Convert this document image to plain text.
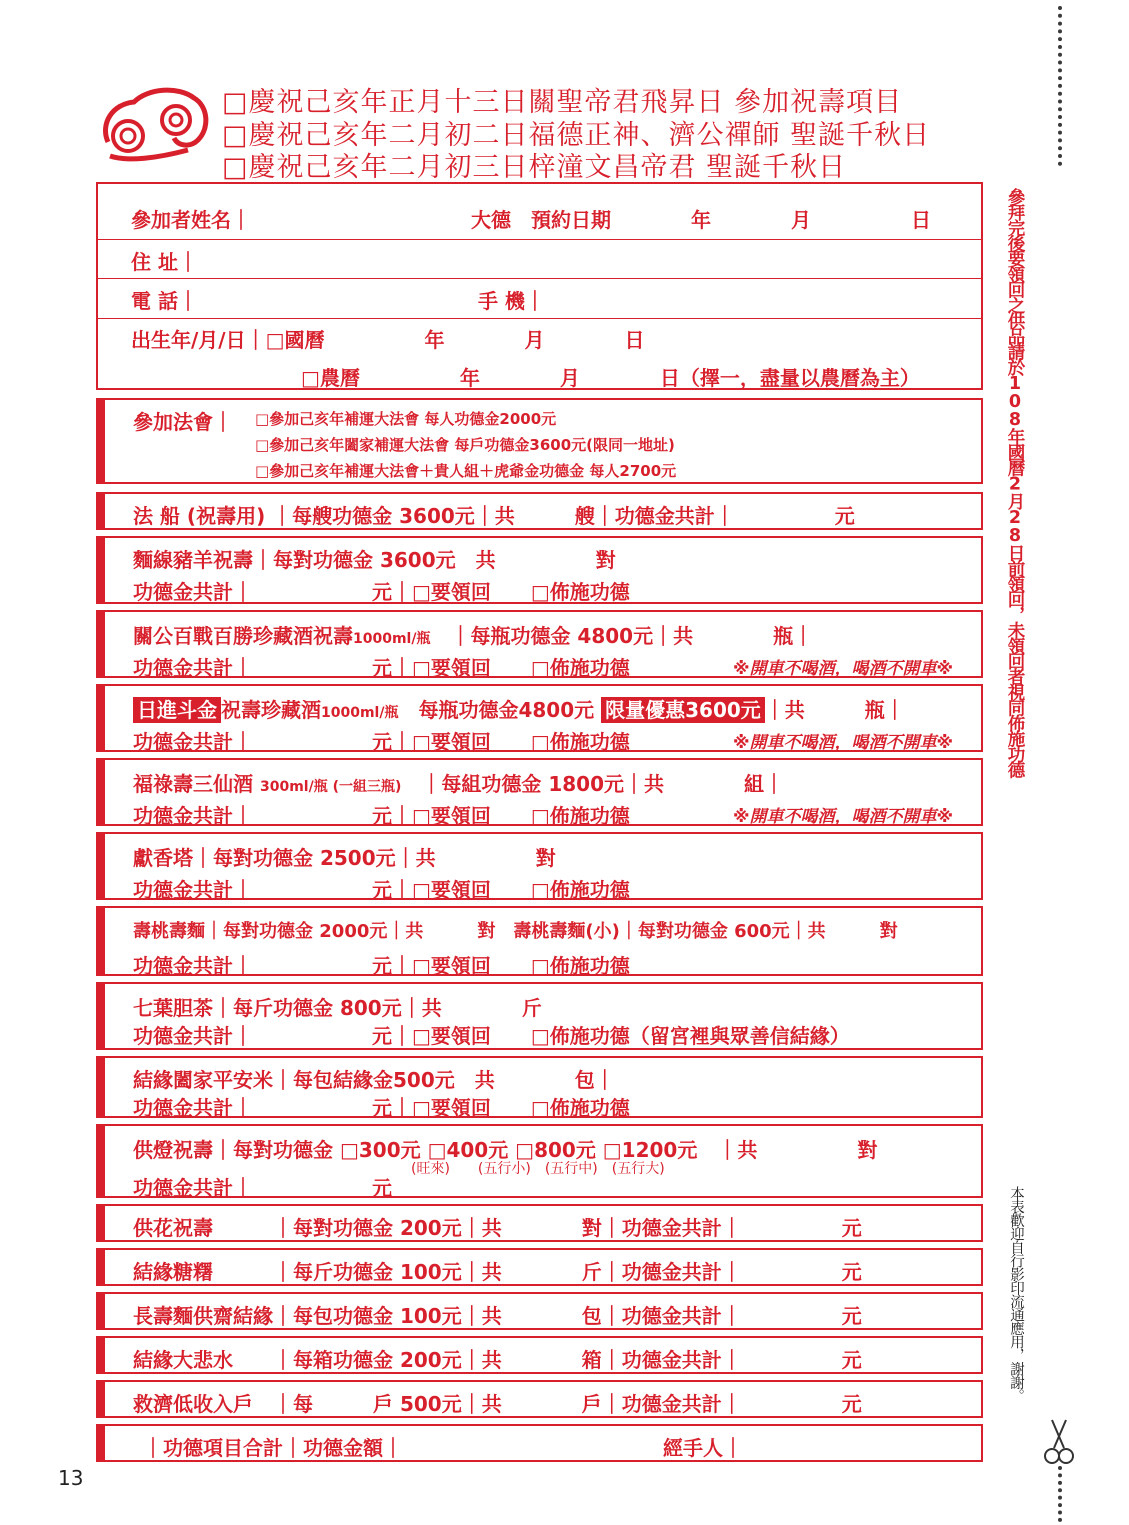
□慶祝己亥年正月十三日關聖帝君飛昇日 參加祝壽項目
□慶祝己亥年二月初二日福德正神、濟公禪師 聖誕千秋日
□慶祝己亥年二月初三日梓潼文昌帝君 聖誕千秋日
參加者姓名｜　　　　　　　　　　　大德　預約日期　　　　年　　　　月　　　　　日
住 址｜
電 話｜　　　　　　　　　　　　　　手 機｜
出生年/月/日｜□國曆　　　　　年　　　　月　　　　日
□農曆　　　　　年　　　　月　　　　日（擇一，盡量以農曆為主）
參加法會｜ □參加己亥年補運大法會 每人功德金2000元
□參加己亥年闔家補運大法會 每戶功德金3600元(限同一地址)
□參加己亥年補運大法會＋貴人組＋虎爺金功德金 每人2700元
法 船 (祝壽用) ｜每艘功德金 3600元｜共　　　艘｜功德金共計｜　　　　　元
麵線豬羊祝壽｜每對功德金 3600元　共　　　　　對
功德金共計｜	元｜□要領回　　□佈施功德
關公百戰百勝珍藏酒祝壽1000ml/瓶　｜每瓶功德金 4800元｜共　　　　瓶｜
功德金共計｜	元｜□要領回　　□佈施功德	※開車不喝酒，喝酒不開車※
日進斗金 祝壽珍藏酒1000ml/瓶　 每瓶功德金4800元 限量優惠3600元 ｜共　　　瓶｜
功德金共計｜	元｜□要領回　　□佈施功德	※開車不喝酒，喝酒不開車※
福祿壽三仙酒 300ml/瓶 (一組三瓶)　 ｜每組功德金 1800元｜共　　　　組｜
功德金共計｜	元｜□要領回　　□佈施功德	※開車不喝酒，喝酒不開車※
獻香塔｜每對功德金 2500元｜共　　　　　對
功德金共計｜	元｜□要領回　　□佈施功德
壽桃壽麵｜每對功德金 2000元｜共　　　對　壽桃壽麵(小)｜每對功德金 600元｜共　　　對
功德金共計｜	元｜□要領回　　□佈施功德
七葉胆茶｜每斤功德金 800元｜共　　　　斤
功德金共計｜	元｜□要領回　　□佈施功德（留宮裡與眾善信結緣）
結緣闔家平安米｜每包結緣金500元　共　　　　包｜
功德金共計｜	元｜□要領回　　□佈施功德
供燈祝壽｜每對功德金 □300元 □400元 □800元 □1200元　｜共　　　　　對
(旺來)　　(五行小)　(五行中)　(五行大)
功德金共計｜	元
供花祝壽　　　｜每對功德金 200元｜共　　　　對｜功德金共計｜　　　　　元
結緣糖糬　　　｜每斤功德金 100元｜共　　　　斤｜功德金共計｜　　　　　元
長壽麵供齋結緣｜每包功德金 100元｜共　　　　包｜功德金共計｜　　　　　元
結緣大悲水　　｜每箱功德金 200元｜共　　　　箱｜功德金共計｜　　　　　元
救濟低收入戶　｜每　　　戶 500元｜共　　　　戶｜功德金共計｜　　　　　元
｜功德項目合計｜功德金額｜　　　　　　　　　　　　　經手人｜
13
參拜完後要領回之供品請於108年國曆2月28日前領回，未領回者視同佈施功德
本表歡迎自行影印流通應用，謝謝。
